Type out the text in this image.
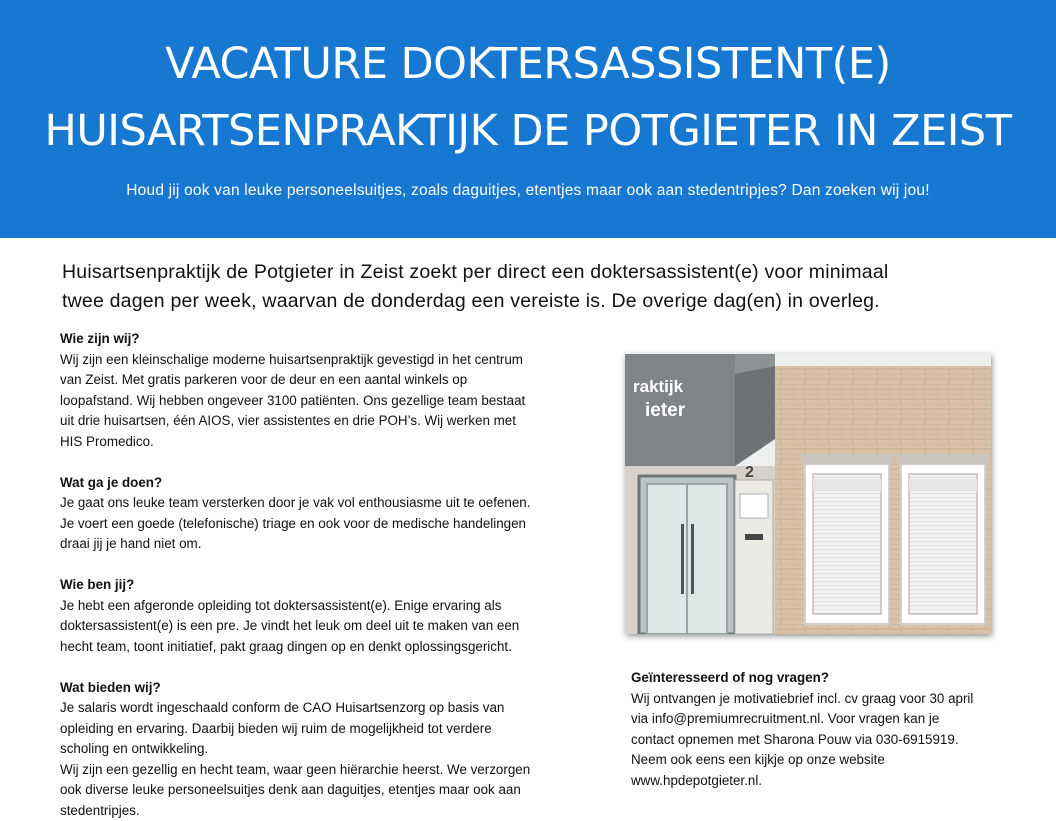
VACATURE DOKTERSASSISTENT(E)
HUISARTSENPRAKTIJK DE POTGIETER IN ZEIST
Houd jij ook van leuke personeelsuitjes, zoals daguitjes, etentjes maar ook aan stedentripjes? Dan zoeken wij jou!
Huisartsenpraktijk de Potgieter in Zeist zoekt per direct een doktersassistent(e) voor minimaal
twee dagen per week, waarvan de donderdag een vereiste is. De overige dag(en) in overleg.
Wie zijn wij?
Wij zijn een kleinschalige moderne huisartsenpraktijk gevestigd in het centrum
van Zeist. Met gratis parkeren voor de deur en een aantal winkels op
loopafstand. Wij hebben ongeveer 3100 patiënten. Ons gezellige team bestaat
uit drie huisartsen, één AIOS, vier assistentes en drie POH’s. Wij werken met
HIS Promedico.
Wat ga je doen?
Je gaat ons leuke team versterken door je vak vol enthousiasme uit te oefenen.
Je voert een goede (telefonische) triage en ook voor de medische handelingen
draai jij je hand niet om.
Wie ben jij?
Je hebt een afgeronde opleiding tot doktersassistent(e). Enige ervaring als
doktersassistent(e) is een pre. Je vindt het leuk om deel uit te maken van een
hecht team, toont initiatief, pakt graag dingen op en denkt oplossingsgericht.
Wat bieden wij?
Je salaris wordt ingeschaald conform de CAO Huisartsenzorg op basis van
opleiding en ervaring. Daarbij bieden wij ruim de mogelijkheid tot verdere
scholing en ontwikkeling.
Wij zijn een gezellig en hecht team, waar geen hiërarchie heerst. We verzorgen
ook diverse leuke personeelsuitjes denk aan daguitjes, etentjes maar ook aan
stedentripjes.
raktijk
ieter
2
Geïnteresseerd of nog vragen?
Wij ontvangen je motivatiebrief incl. cv graag voor 30 april
via info@premiumrecruitment.nl. Voor vragen kan je
contact opnemen met Sharona Pouw via 030-6915919.
Neem ook eens een kijkje op onze website
www.hpdepotgieter.nl.
